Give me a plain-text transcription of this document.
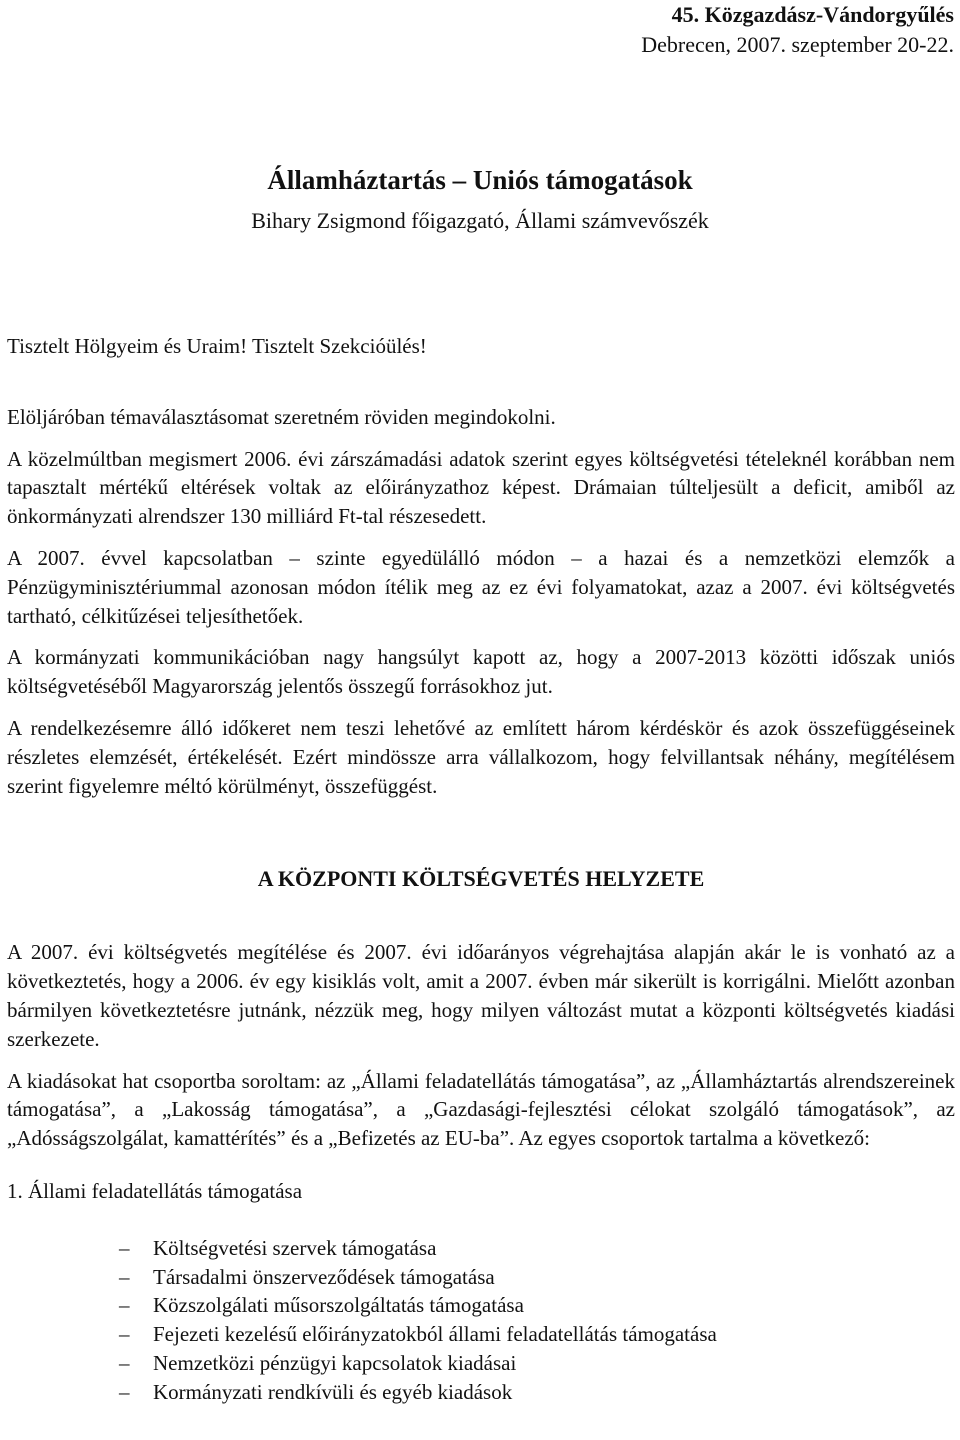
45. Közgazdász-Vándorgyűlés
Debrecen, 2007. szeptember 20-22.
Államháztartás – Uniós támogatások
Bihary Zsigmond főigazgató, Állami számvevőszék

Tisztelt Hölgyeim és Uraim! Tisztelt Szekcióülés!

Elöljáróban témaválasztásomat szeretném röviden megindokolni.

A közelmúltban megismert 2006. évi zárszámadási adatok szerint egyes költségvetési tételeknél korábban nem tapasztalt mértékű eltérések voltak az előirányzathoz képest. Drámaian túlteljesült a deficit, amiből az önkormányzati alrendszer 130 milliárd Ft-tal részesedett.

A 2007. évvel kapcsolatban – szinte egyedülálló módon – a hazai és a nemzetközi elemzők a Pénzügyminisztériummal azonosan módon ítélik meg az ez évi folyamatokat, azaz a 2007. évi költségvetés tartható, célkitűzései teljesíthetőek.

A kormányzati kommunikációban nagy hangsúlyt kapott az, hogy a 2007-2013 közötti időszak uniós költségvetéséből Magyarország jelentős összegű forrásokhoz jut.

A rendelkezésemre álló időkeret nem teszi lehetővé az említett három kérdéskör és azok összefüggéseinek részletes elemzését, értékelését. Ezért mindössze arra vállalkozom, hogy felvillantsak néhány, megítélésem szerint figyelemre méltó körülményt, összefüggést.

A KÖZPONTI KÖLTSÉGVETÉS HELYZETE

A 2007. évi költségvetés megítélése és 2007. évi időarányos végrehajtása alapján akár le is vonható az a következtetés, hogy a 2006. év egy kisiklás volt, amit a 2007. évben már sikerült is korrigálni. Mielőtt azonban bármilyen következtetésre jutnánk, nézzük meg, hogy milyen változást mutat a központi költségvetés kiadási szerkezete.

A kiadásokat hat csoportba soroltam: az „Állami feladatellátás támogatása”, az „Államháztartás alrendszereinek támogatása”, a „Lakosság támogatása”, a „Gazdasági-fejlesztési célokat szolgáló támogatások”, az „Adósságszolgálat, kamattérítés” és a „Befizetés az EU-ba”. Az egyes csoportok tartalma a következő:

1. Állami feladatellátás támogatása

– Költségvetési szervek támogatása
– Társadalmi önszerveződések támogatása
– Közszolgálati műsorszolgáltatás támogatása
– Fejezeti kezelésű előirányzatokból állami feladatellátás támogatása
– Nemzetközi pénzügyi kapcsolatok kiadásai
– Kormányzati rendkívüli és egyéb kiadások
